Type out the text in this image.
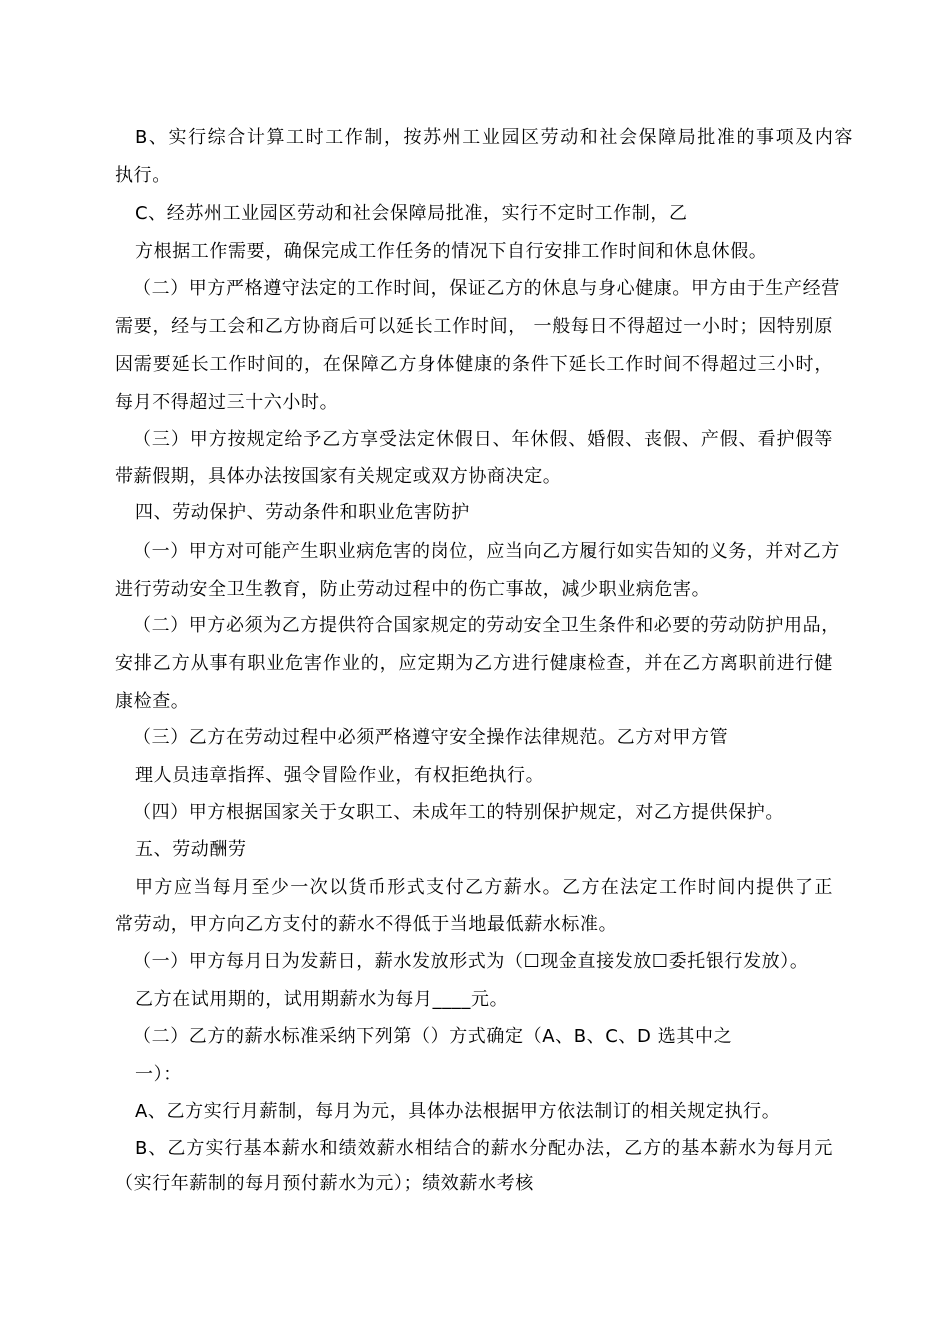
B、实行综合计算工时工作制，按苏州工业园区劳动和社会保障局批准的事项及内容
执行。
C、经苏州工业园区劳动和社会保障局批准，实行不定时工作制，乙
方根据工作需要，确保完成工作任务的情况下自行安排工作时间和休息休假。
（二）甲方严格遵守法定的工作时间，保证乙方的休息与身心健康。甲方由于生产经营
需要，经与工会和乙方协商后可以延长工作时间， 一般每日不得超过一小时；因特别原
因需要延长工作时间的，在保障乙方身体健康的条件下延长工作时间不得超过三小时，
每月不得超过三十六小时。
（三）甲方按规定给予乙方享受法定休假日、年休假、婚假、丧假、产假、看护假等
带薪假期，具体办法按国家有关规定或双方协商决定。
四、劳动保护、劳动条件和职业危害防护
（一）甲方对可能产生职业病危害的岗位，应当向乙方履行如实告知的义务，并对乙方
进行劳动安全卫生教育，防止劳动过程中的伤亡事故，减少职业病危害。
（二）甲方必须为乙方提供符合国家规定的劳动安全卫生条件和必要的劳动防护用品，
安排乙方从事有职业危害作业的，应定期为乙方进行健康检查，并在乙方离职前进行健
康检查。
（三）乙方在劳动过程中必须严格遵守安全操作法律规范。乙方对甲方管
理人员违章指挥、强令冒险作业，有权拒绝执行。
（四）甲方根据国家关于女职工、未成年工的特别保护规定，对乙方提供保护。
五、劳动酬劳
甲方应当每月至少一次以货币形式支付乙方薪水。乙方在法定工作时间内提供了正
常劳动，甲方向乙方支付的薪水不得低于当地最低薪水标准。
（一）甲方每月日为发薪日，薪水发放形式为（☐现金直接发放☐委托银行发放）。
乙方在试用期的，试用期薪水为每月____元。
（二）乙方的薪水标准采纳下列第（）方式确定（A、B、C、D 选其中之
一）：
A、乙方实行月薪制，每月为元，具体办法根据甲方依法制订的相关规定执行。
B、乙方实行基本薪水和绩效薪水相结合的薪水分配办法，乙方的基本薪水为每月元
（实行年薪制的每月预付薪水为元）；绩效薪水考核
